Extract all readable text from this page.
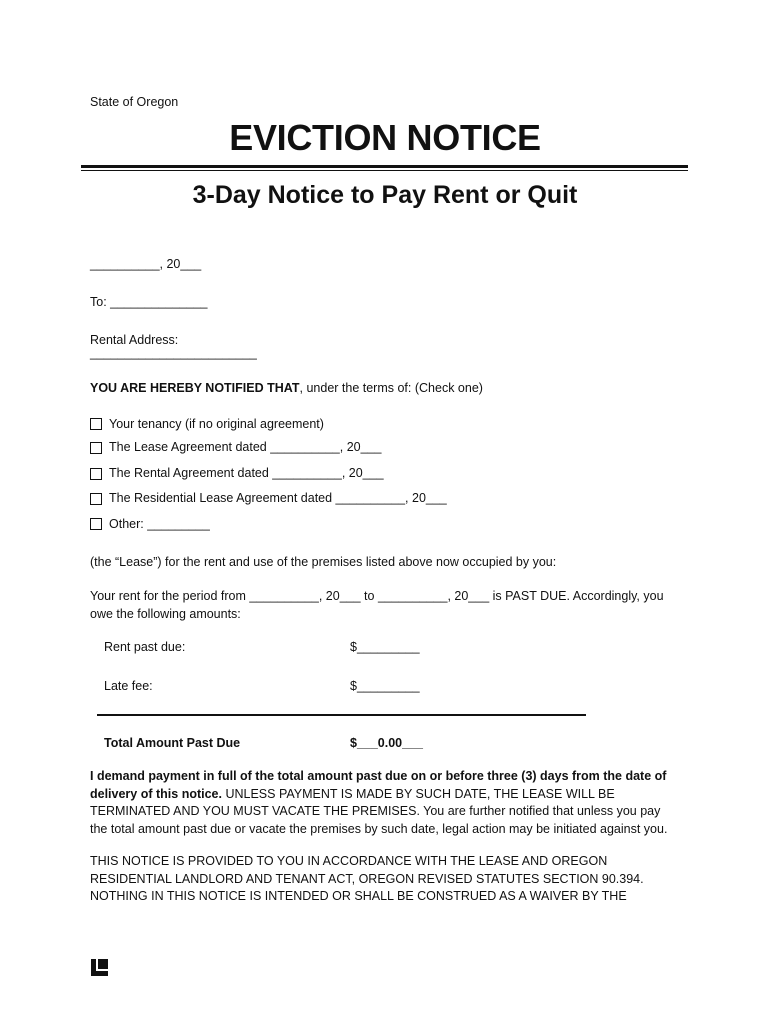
State of Oregon
EVICTION NOTICE
3-Day Notice to Pay Rent or Quit
__________, 20___
To: ______________
Rental Address:
________________________
YOU ARE HEREBY NOTIFIED THAT, under the terms of: (Check one)
Your tenancy (if no original agreement)
The Lease Agreement dated __________, 20___
The Rental Agreement dated __________, 20___
The Residential Lease Agreement dated __________, 20___
Other: _________
(the “Lease”) for the rent and use of the premises listed above now occupied by you:
Your rent for the period from __________, 20___ to __________, 20___ is PAST DUE. Accordingly, you owe the following amounts:
Rent past due:	$_________
Late fee:	$_________
Total Amount Past Due	$___0.00___
I demand payment in full of the total amount past due on or before three (3) days from the date of delivery of this notice. UNLESS PAYMENT IS MADE BY SUCH DATE, THE LEASE WILL BE TERMINATED AND YOU MUST VACATE THE PREMISES. You are further notified that unless you pay the total amount past due or vacate the premises by such date, legal action may be initiated against you.
THIS NOTICE IS PROVIDED TO YOU IN ACCORDANCE WITH THE LEASE AND OREGON RESIDENTIAL LANDLORD AND TENANT ACT, OREGON REVISED STATUTES SECTION 90.394. NOTHING IN THIS NOTICE IS INTENDED OR SHALL BE CONSTRUED AS A WAIVER BY THE
